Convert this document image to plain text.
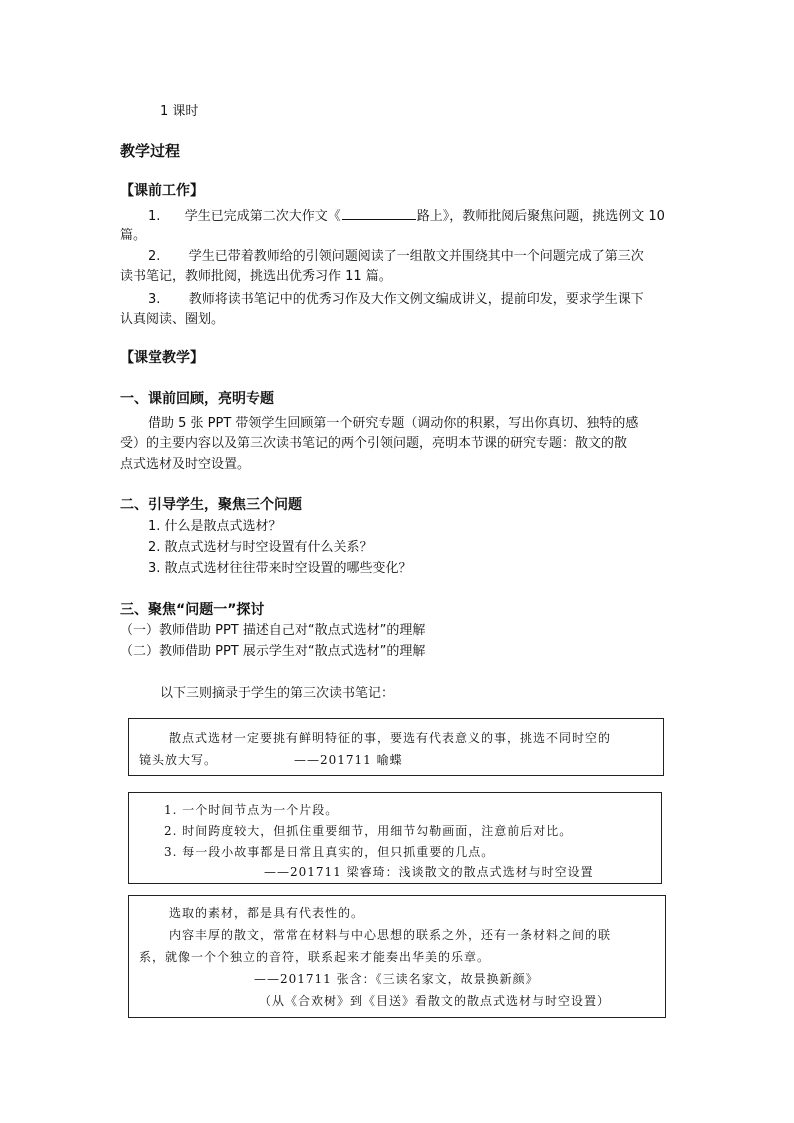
1 课时
教学过程
【课前工作】
1. 学生已完成第二次大作文《	路上》，教师批阅后聚焦问题，挑选例文 10
篇。
2. 学生已带着教师给的引领问题阅读了一组散文并围绕其中一个问题完成了第三次
读书笔记，教师批阅，挑选出优秀习作 11 篇。
3. 教师将读书笔记中的优秀习作及大作文例文编成讲义，提前印发，要求学生课下
认真阅读、圈划。
【课堂教学】
一、课前回顾，亮明专题
借助 5 张 PPT 带领学生回顾第一个研究专题（调动你的积累，写出你真切、独特的感
受）的主要内容以及第三次读书笔记的两个引领问题，亮明本节课的研究专题：散文的散
点式选材及时空设置。
二、引导学生，聚焦三个问题
1. 什么是散点式选材？
2. 散点式选材与时空设置有什么关系？
3. 散点式选材往往带来时空设置的哪些变化？
三、聚焦“问题一”探讨
（一）教师借助 PPT 描述自己对“散点式选材”的理解
（二）教师借助 PPT 展示学生对“散点式选材”的理解
以下三则摘录于学生的第三次读书笔记：
散点式选材一定要挑有鲜明特征的事，要选有代表意义的事，挑选不同时空的
镜头放大写。	——201711 喻蝶
1. 一个时间节点为一个片段。
2. 时间跨度较大，但抓住重要细节，用细节勾勒画面，注意前后对比。
3. 每一段小故事都是日常且真实的，但只抓重要的几点。
——201711 梁睿琦：浅谈散文的散点式选材与时空设置
选取的素材，都是具有代表性的。
内容丰厚的散文，常常在材料与中心思想的联系之外，还有一条材料之间的联
系，就像一个个独立的音符，联系起来才能奏出华美的乐章。
——201711 张含：《三读名家文，故景换新颜》
（从《合欢树》到《目送》看散文的散点式选材与时空设置）
